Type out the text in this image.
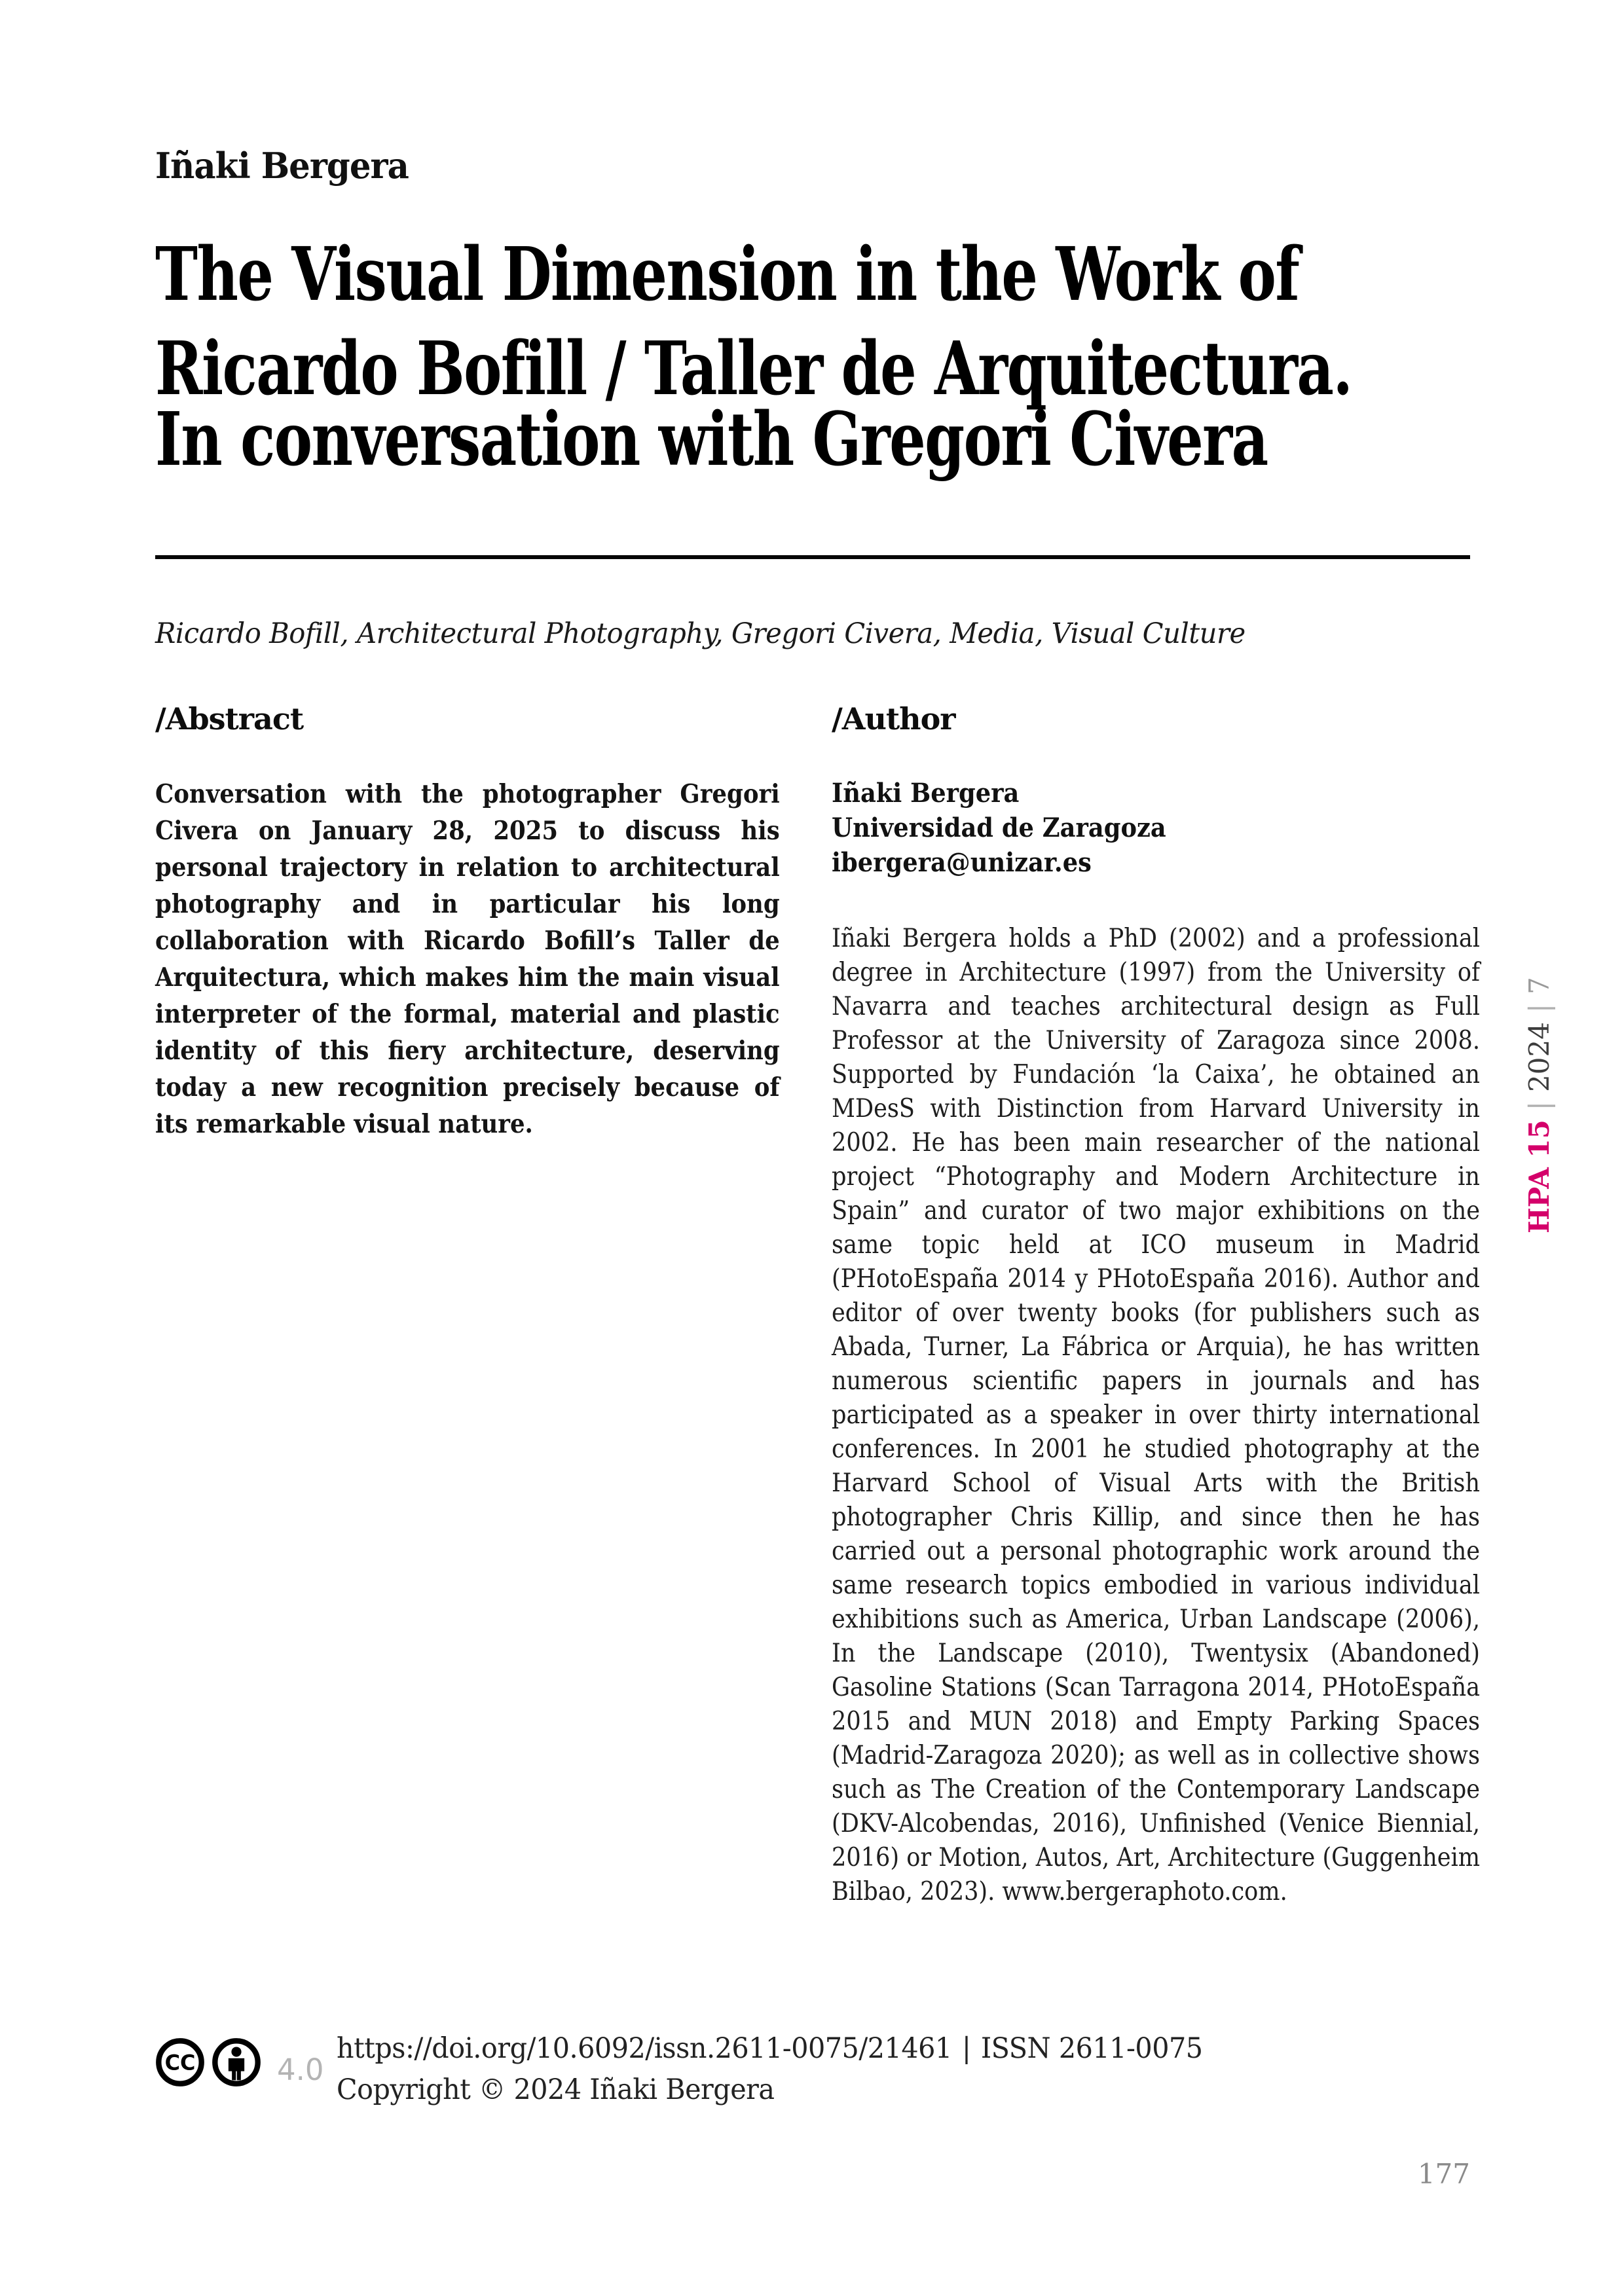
Iñaki Bergera
The Visual Dimension in the Work of
Ricardo Bofill / Taller de Arquitectura.
In conversation with Gregori Civera
Ricardo Bofill, Architectural Photography, Gregori Civera, Media, Visual Culture
/Abstract

Conversation with the photographer Gregori Civera on January 28, 2025 to discuss his personal trajectory in relation to architectural photography and in particular his long collaboration with Ricardo Bofill’s Taller de Arquitectura, which makes him the main visual interpreter of the formal, material and plastic identity of this fiery architecture, deserving today a new recognition precisely because of its remarkable visual nature.

/Author
Iñaki Bergera
Universidad de Zaragoza
ibergera@unizar.es

Iñaki Bergera holds a PhD (2002) and a professional degree in Architecture (1997) from the University of Navarra and teaches architectural design as Full Professor at the University of Zaragoza since 2008. Supported by Fundación ‘la Caixa’, he obtained an MDesS with Distinction from Harvard University in 2002. He has been main researcher of the national project “Photography and Modern Architecture in Spain” and curator of two major exhibitions on the same topic held at ICO museum in Madrid (PHotoEspaña 2014 y PHotoEspaña 2016). Author and editor of over twenty books (for publishers such as Abada, Turner, La Fábrica or Arquia), he has written numerous scientific papers in journals and has participated as a speaker in over thirty international conferences. In 2001 he studied photography at the Harvard School of Visual Arts with the British photographer Chris Killip, and since then he has carried out a personal photographic work around the same research topics embodied in various individual exhibitions such as America, Urban Landscape (2006), In the Landscape (2010), Twentysix (Abandoned) Gasoline Stations (Scan Tarragona 2014, PHotoEspaña 2015 and MUN 2018) and Empty Parking Spaces (Madrid-Zaragoza 2020); as well as in collective shows such as The Creation of the Contemporary Landscape (DKV-Alcobendas, 2016), Unfinished (Venice Biennial, 2016) or Motion, Autos, Art, Architecture (Guggenheim Bilbao, 2023). www.bergeraphoto.com.

HPA 15|2024|7
CC	4.0
https://doi.org/10.6092/issn.2611-0075/21461 | ISSN 2611-0075
Copyright © 2024 Iñaki Bergera
177
